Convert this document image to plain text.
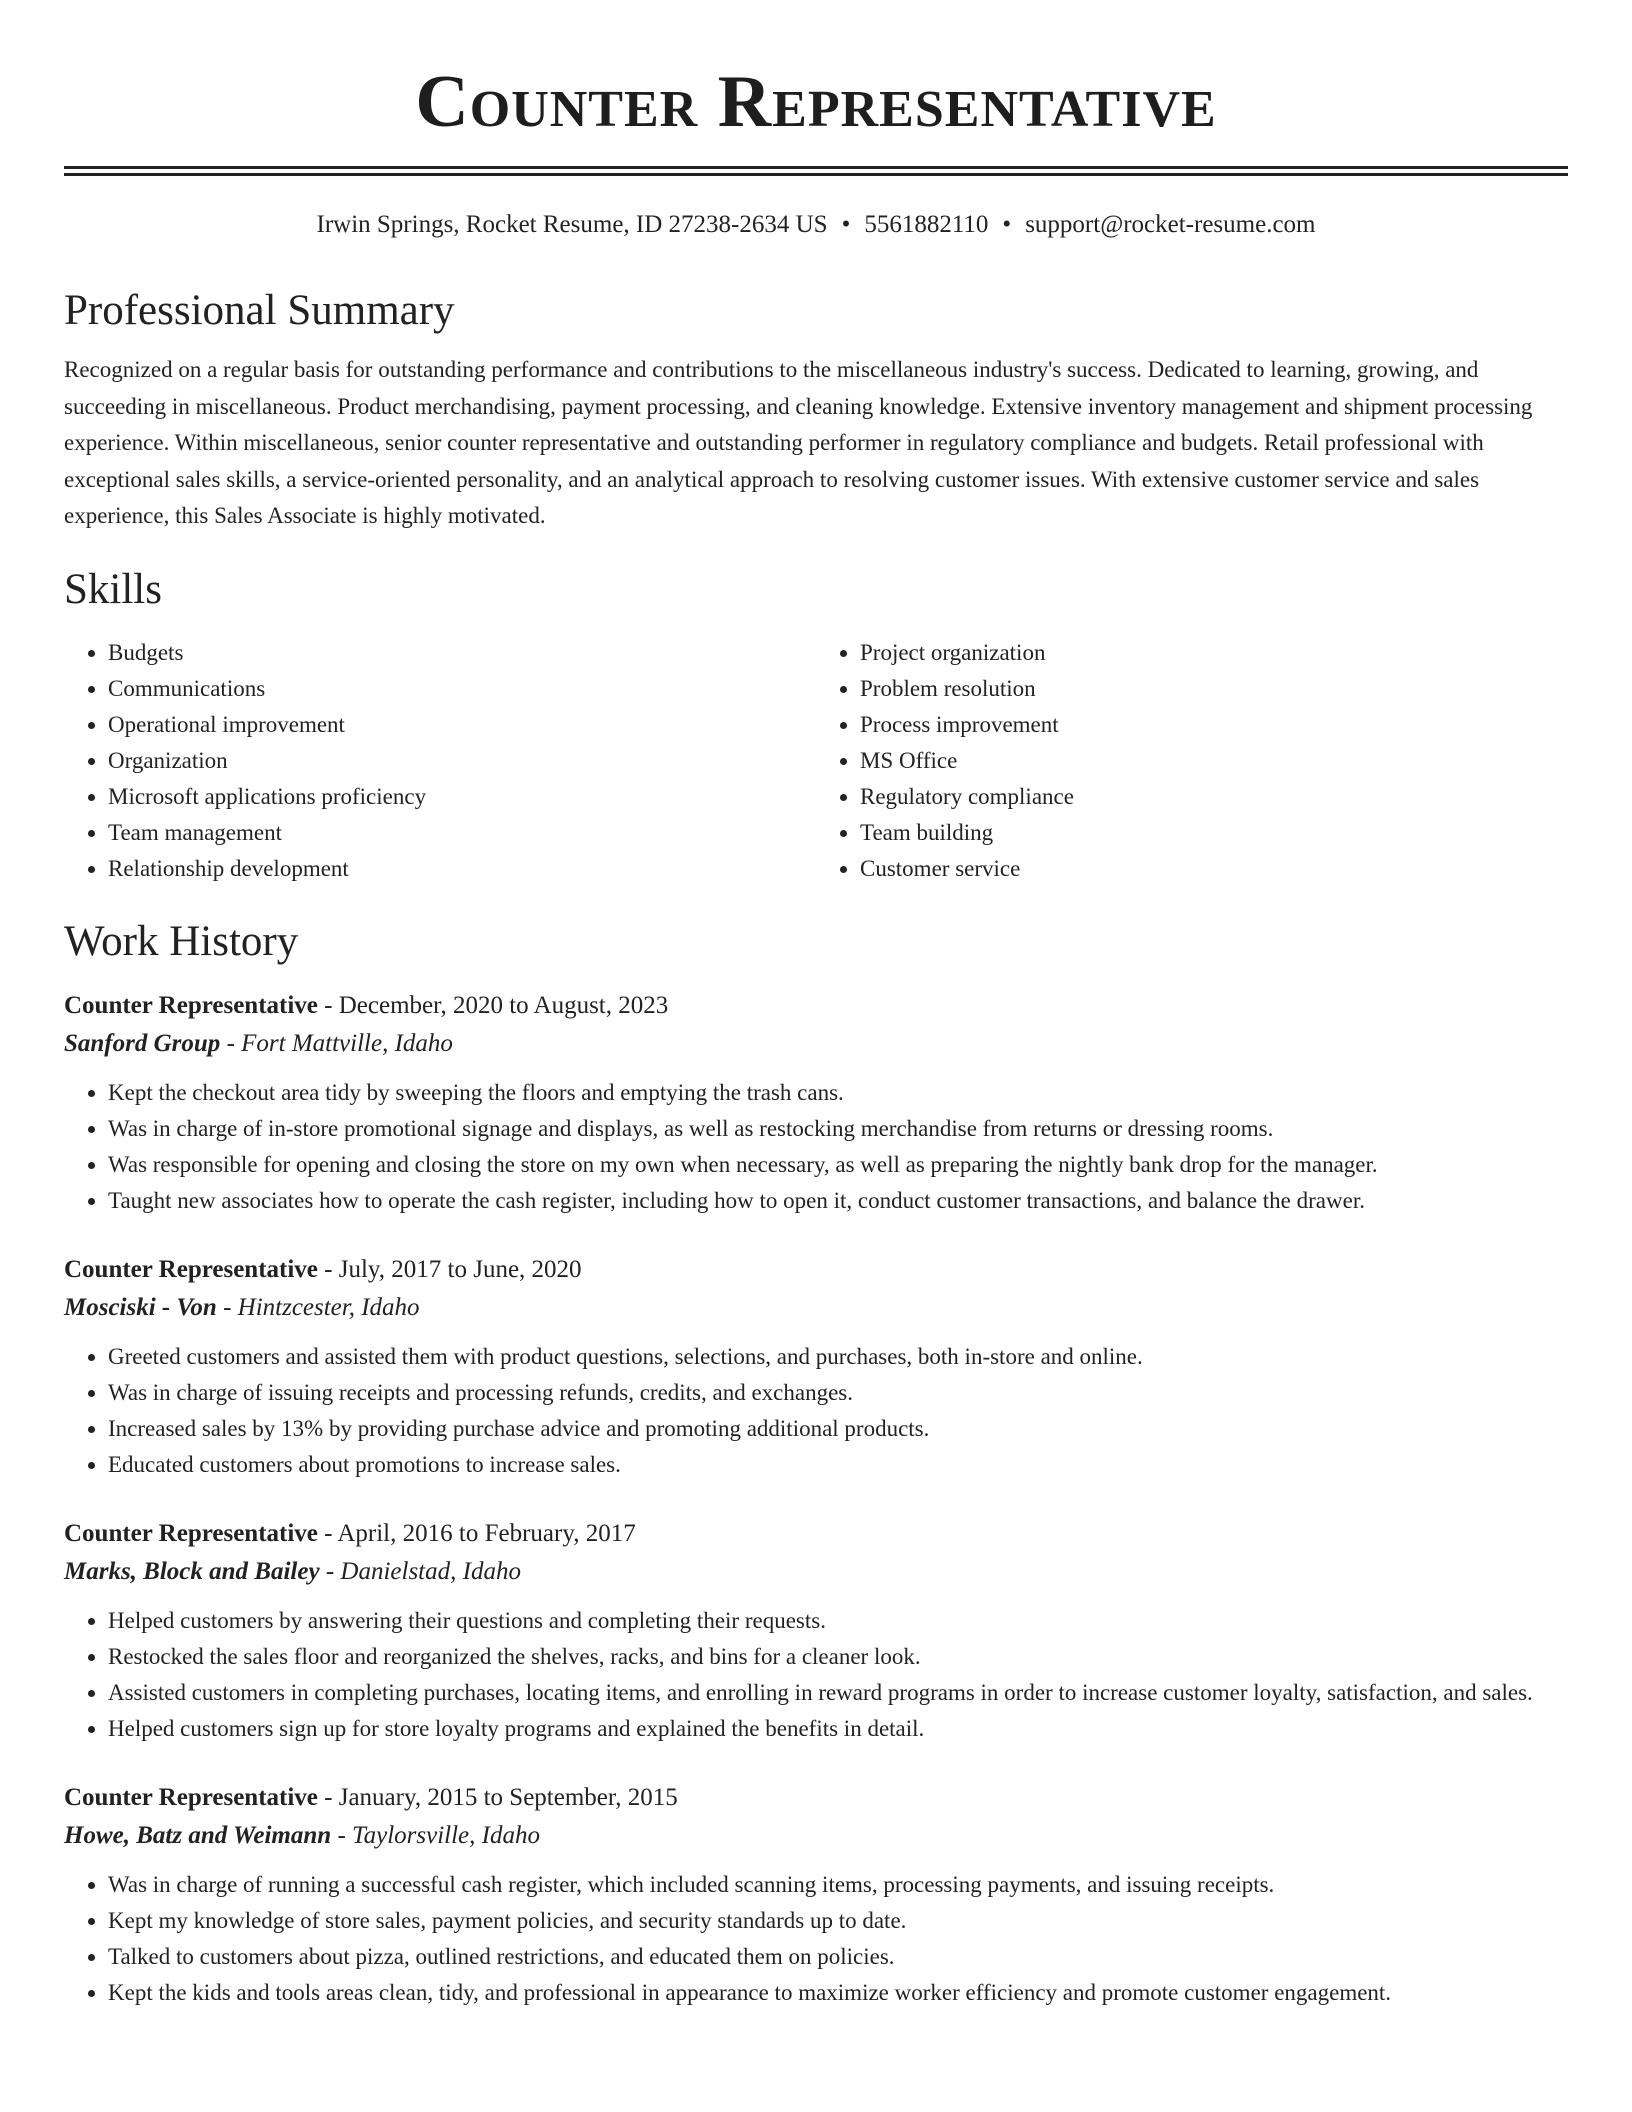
Counter Representative
Irwin Springs, Rocket Resume, ID 27238-2634 US • 5561882110 • support@rocket-resume.com
Professional Summary
Recognized on a regular basis for outstanding performance and contributions to the miscellaneous industry's success. Dedicated to learning, growing, and succeeding in miscellaneous. Product merchandising, payment processing, and cleaning knowledge. Extensive inventory management and shipment processing experience. Within miscellaneous, senior counter representative and outstanding performer in regulatory compliance and budgets. Retail professional with exceptional sales skills, a service-oriented personality, and an analytical approach to resolving customer issues. With extensive customer service and sales experience, this Sales Associate is highly motivated.
Skills
• Budgets
• Communications
• Operational improvement
• Organization
• Microsoft applications proficiency
• Team management
• Relationship development
• Project organization
• Problem resolution
• Process improvement
• MS Office
• Regulatory compliance
• Team building
• Customer service
Work History
Counter Representative - December, 2020 to August, 2023
Sanford Group - Fort Mattville, Idaho
• Kept the checkout area tidy by sweeping the floors and emptying the trash cans.
• Was in charge of in-store promotional signage and displays, as well as restocking merchandise from returns or dressing rooms.
• Was responsible for opening and closing the store on my own when necessary, as well as preparing the nightly bank drop for the manager.
• Taught new associates how to operate the cash register, including how to open it, conduct customer transactions, and balance the drawer.
Counter Representative - July, 2017 to June, 2020
Mosciski - Von - Hintzcester, Idaho
• Greeted customers and assisted them with product questions, selections, and purchases, both in-store and online.
• Was in charge of issuing receipts and processing refunds, credits, and exchanges.
• Increased sales by 13% by providing purchase advice and promoting additional products.
• Educated customers about promotions to increase sales.
Counter Representative - April, 2016 to February, 2017
Marks, Block and Bailey - Danielstad, Idaho
• Helped customers by answering their questions and completing their requests.
• Restocked the sales floor and reorganized the shelves, racks, and bins for a cleaner look.
• Assisted customers in completing purchases, locating items, and enrolling in reward programs in order to increase customer loyalty, satisfaction, and sales.
• Helped customers sign up for store loyalty programs and explained the benefits in detail.
Counter Representative - January, 2015 to September, 2015
Howe, Batz and Weimann - Taylorsville, Idaho
• Was in charge of running a successful cash register, which included scanning items, processing payments, and issuing receipts.
• Kept my knowledge of store sales, payment policies, and security standards up to date.
• Talked to customers about pizza, outlined restrictions, and educated them on policies.
• Kept the kids and tools areas clean, tidy, and professional in appearance to maximize worker efficiency and promote customer engagement.
